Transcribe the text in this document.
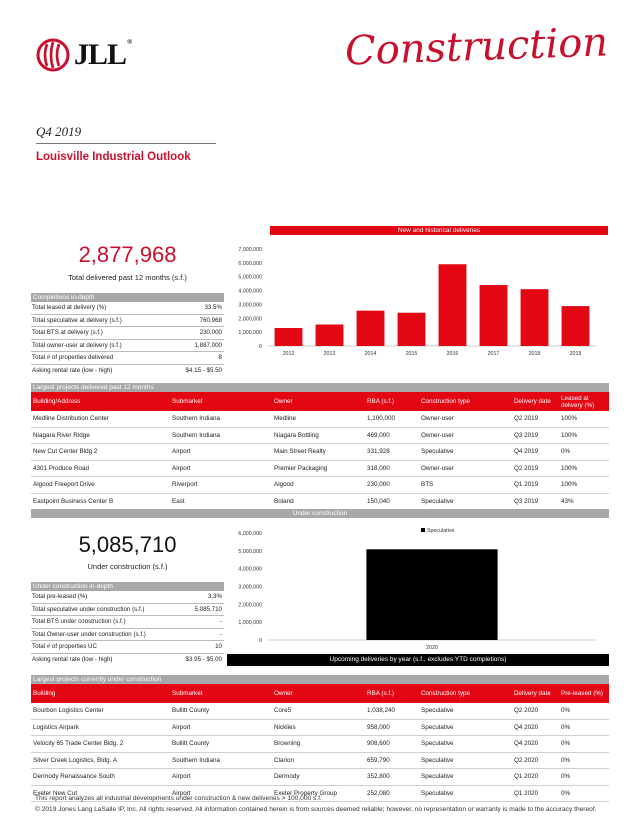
JLL®	Construction
Q4 2019
Louisville Industrial Outlook
New and historical deliveries
2,877,968
Total delivered past 12 months (s.f.)
Completions in-depth
Total leased at delivery (%)	33.5%
Total speculative at delivery (s.f.)	760,968
Total BTS at delivery (s.f.)	230,000
Total owner-user at delivery (s.f.)	1,887,000
Total # of properties delivered	8
Asking rental rate (low - high)	$4.15 - $5.50
0
1,000,000
2,000,000
3,000,000
4,000,000
5,000,000
6,000,000
7,000,000
2012	2013	2014	2015	2016	2017	2018	2019
Largest projects delivered past 12 months
Building/Address	Submarket	Owner	RBA (s.f.)	Construction type	Delivery date	Leased at delivery (%)
Medline Distribution Center	Southern Indiana	Medline	1,100,000	Owner-user	Q2 2019	100%
Niagara River Ridge	Southern Indiana	Niagara Bottling	469,000	Owner-user	Q3 2019	100%
New Cut Center Bldg 2	Airport	Main Street Realty	331,928	Speculative	Q4 2019	0%
4301 Produce Road	Airport	Premier Packaging	318,000	Owner-user	Q2 2019	100%
Algood Freeport Drive	Riverport	Algood	230,000	BTS	Q1 2019	100%
Eastpoint Business Center B	East	Boland	150,040	Speculative	Q3 2019	43%
Under construction
5,085,710
Under construction (s.f.)
Under construction in-depth
Total pre-leased (%)	3.3%
Total speculative under construction (s.f.)	5,085,710
Total BTS under construction (s.f.)	-
Total Owner-user under construction (s.f.)	-
Total # of properties UC	10
Asking rental rate (low - high)	$3.95 - $5.00
0
1,000,000
2,000,000
3,000,000
4,000,000
5,000,000
6,000,000
2020
Speculative
Upcoming deliveries by year (s.f., excludes YTD completions)
Largest projects currently under construction
Building	Submarket	Owner	RBA (s.f.)	Construction type	Delivery date	Pre-leased (%)
Bourbon Logistics Center	Bullitt County	Core5	1,038,240	Speculative	Q2 2020	0%
Logistics Airpark	Airport	Nicklies	958,000	Speculative	Q4 2020	0%
Velocity 65 Trade Center Bldg. 2	Bullitt County	Browning	908,600	Speculative	Q4 2020	0%
Silver Creek Logistics, Bldg. A	Southern Indiana	Clarion	659,790	Speculative	Q2 2020	0%
Dermody Renaissance South	Airport	Dermody	352,800	Speculative	Q1 2020	0%
Exeter New Cut	Airport	Exeter Property Group	252,080	Speculative	Q1 2020	0%
This report analyzes all industrial developments under construction & new deliveries > 100,000 s.f.
© 2019 Jones Lang LaSalle IP, Inc. All rights reserved. All information contained herein is from sources deemed reliable; however, no representation or warranty is made to the accuracy thereof.
